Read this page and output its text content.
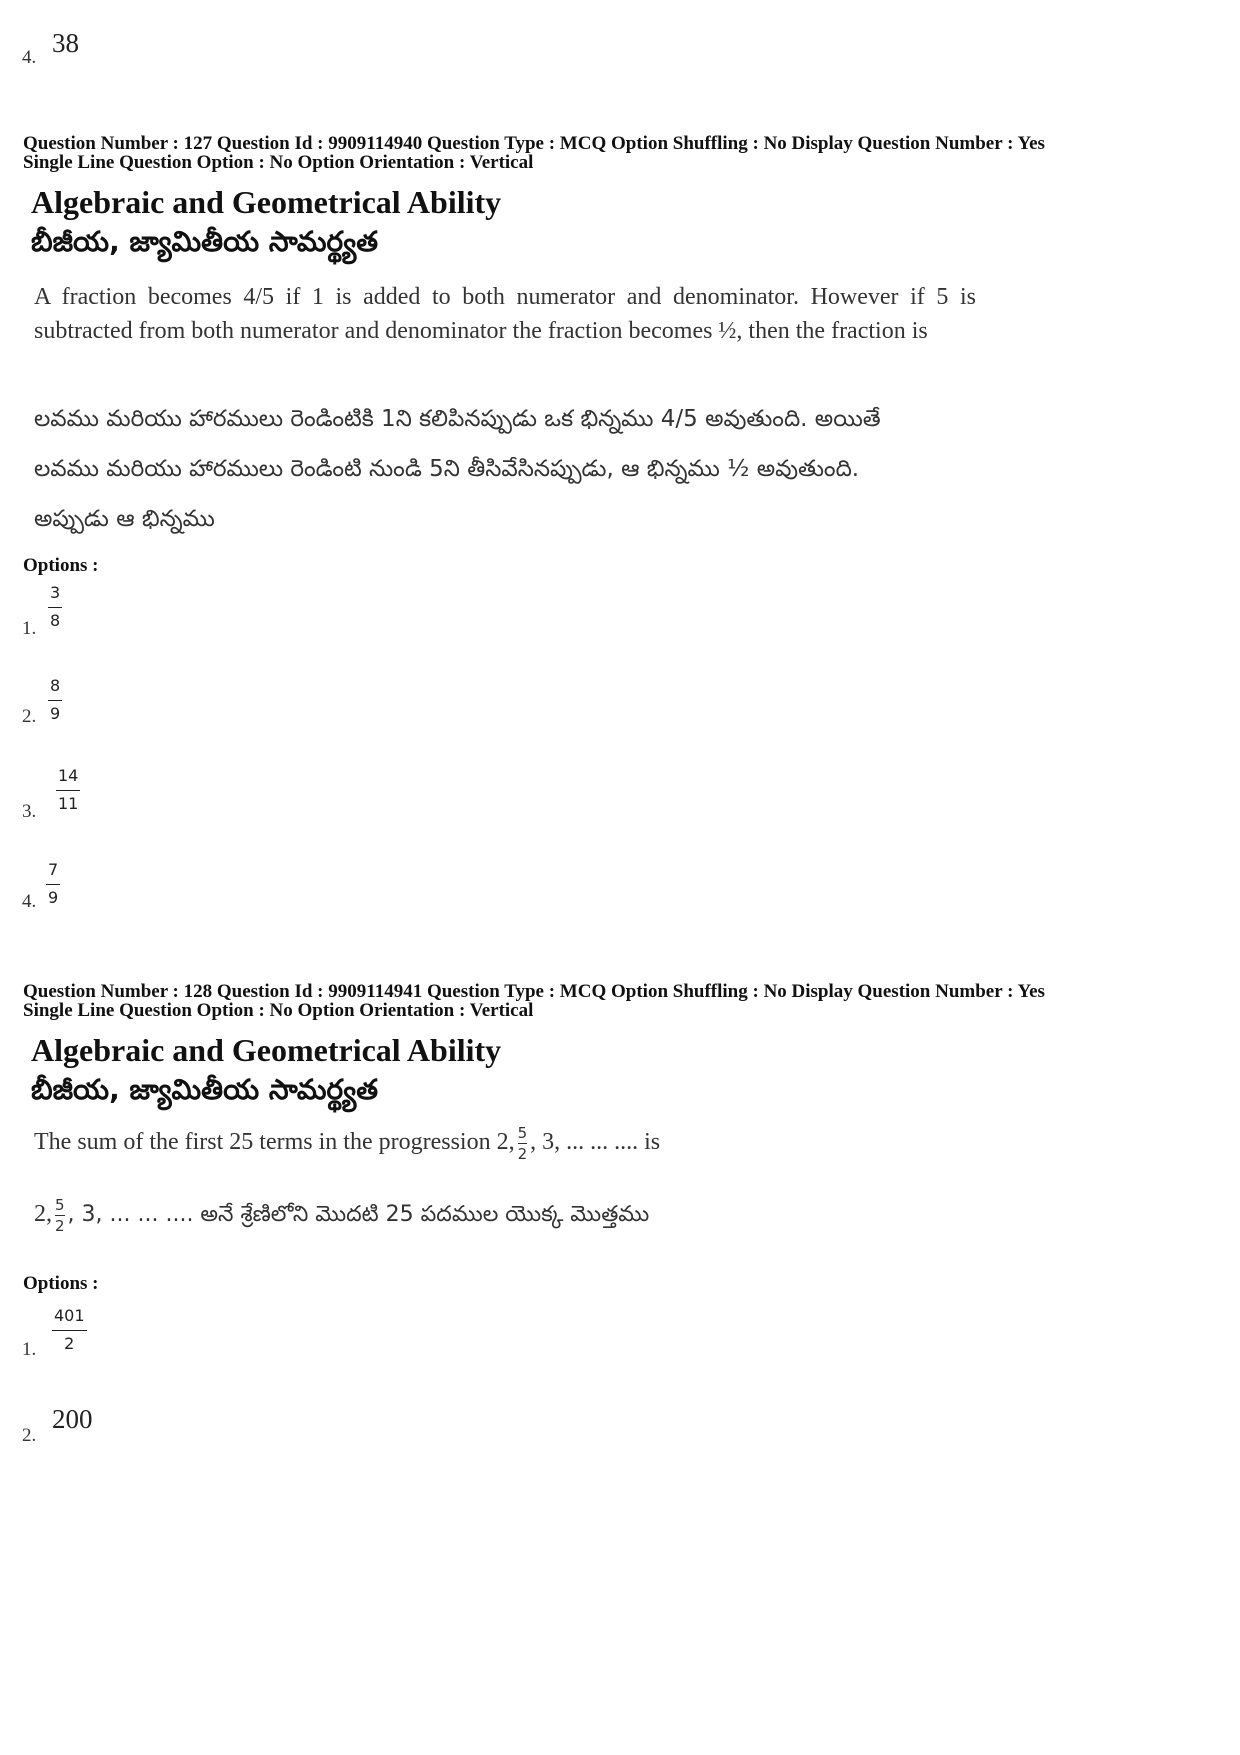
4. 38
Question Number : 127 Question Id : 9909114940 Question Type : MCQ Option Shuffling : No Display Question Number : Yes
Single Line Question Option : No Option Orientation : Vertical
Algebraic and Geometrical Ability
బీజీయ, జ్యామితీయ సామర్థ్యత
A fraction becomes 4/5 if 1 is added to both numerator and denominator. However if 5 is subtracted from both numerator and denominator the fraction becomes ½, then the fraction is
లవము మరియు హారములు రెండింటికి 1ని కలిపినప్పుడు ఒక భిన్నము 4/5 అవుతుంది. అయితే
లవము మరియు హారములు రెండింటి నుండి 5ని తీసివేసినప్పుడు, ఆ భిన్నము ½ అవుతుంది.
అప్పుడు ఆ భిన్నము
Options :
1.
3
8
2.
8
9
3.
14
11
4.
7
9
Question Number : 128 Question Id : 9909114941 Question Type : MCQ Option Shuffling : No Display Question Number : Yes
Single Line Question Option : No Option Orientation : Vertical
Algebraic and Geometrical Ability
బీజీయ, జ్యామితీయ సామర్థ్యత
The sum of the first 25 terms in the progression 2, $\frac{5}{2}$ , 3, ... ... .... is
2, $\frac{5}{2}$ , 3, ... ... .... అనే శ్రేణిలోని మొదటి 25 పదముల యొక్క మొత్తము
Options :
1.
401
2
2.
200
